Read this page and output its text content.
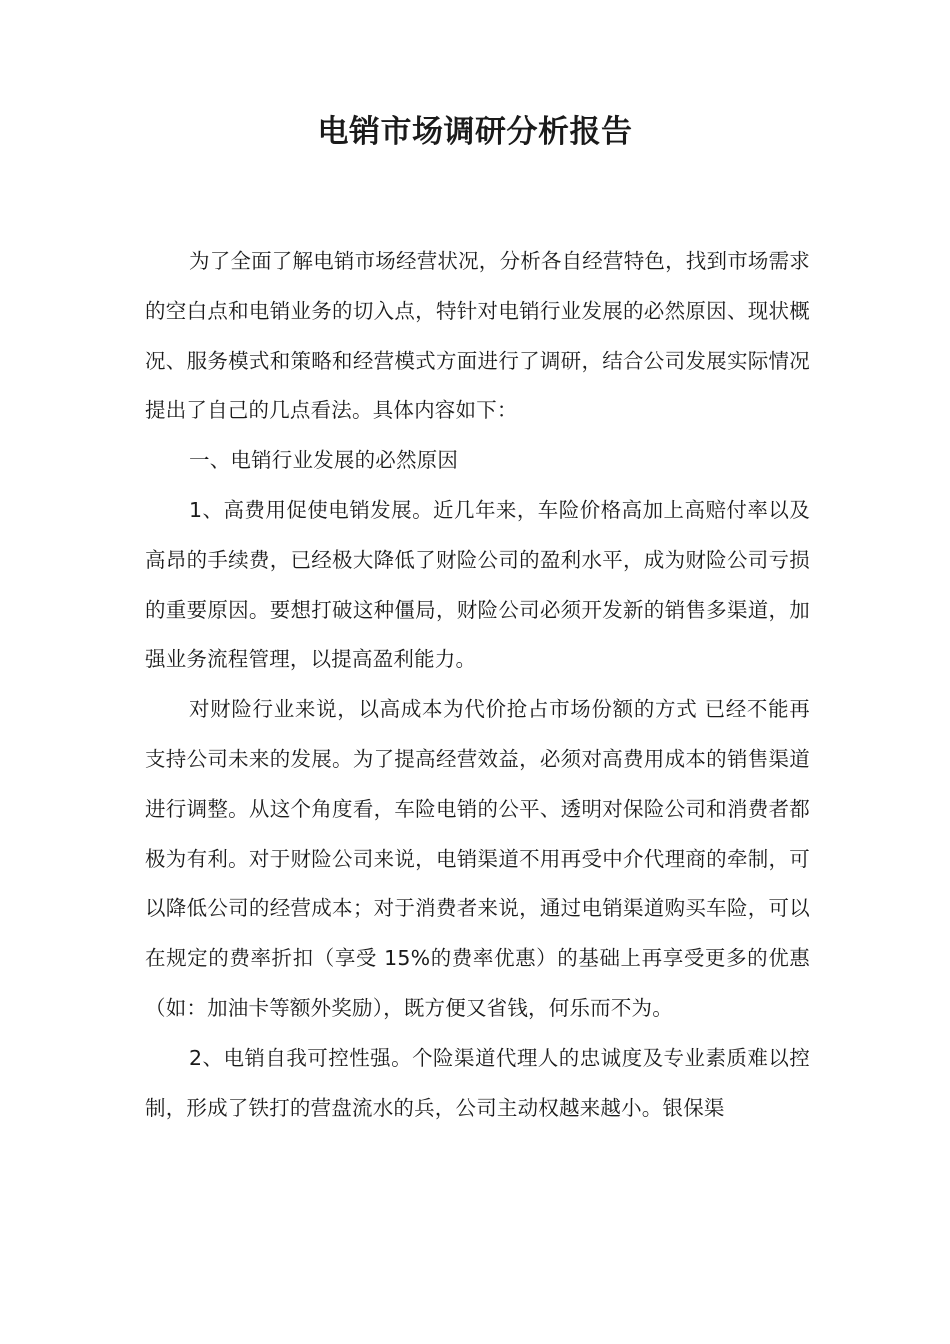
电销市场调研分析报告

为了全面了解电销市场经营状况，分析各自经营特色，找到市场需求的空白点和电销业务的切入点，特针对电销行业发展的必然原因、现状概况、服务模式和策略和经营模式方面进行了调研，结合公司发展实际情况提出了自己的几点看法。具体内容如下：

一、电销行业发展的必然原因

1、高费用促使电销发展。近几年来，车险价格高加上高赔付率以及高昂的手续费，已经极大降低了财险公司的盈利水平，成为财险公司亏损的重要原因。要想打破这种僵局，财险公司必须开发新的销售多渠道，加强业务流程管理，以提高盈利能力。

对财险行业来说，以高成本为代价抢占市场份额的方式 已经不能再支持公司未来的发展。为了提高经营效益，必须对高费用成本的销售渠道进行调整。从这个角度看，车险电销的公平、透明对保险公司和消费者都极为有利。对于财险公司来说，电销渠道不用再受中介代理商的牵制，可以降低公司的经营成本；对于消费者来说，通过电销渠道购买车险，可以在规定的费率折扣（享受 15%的费率优惠）的基础上再享受更多的优惠（如：加油卡等额外奖励），既方便又省钱，何乐而不为。

2、电销自我可控性强。个险渠道代理人的忠诚度及专业素质难以控制，形成了铁打的营盘流水的兵，公司主动权越来越小。银保渠
